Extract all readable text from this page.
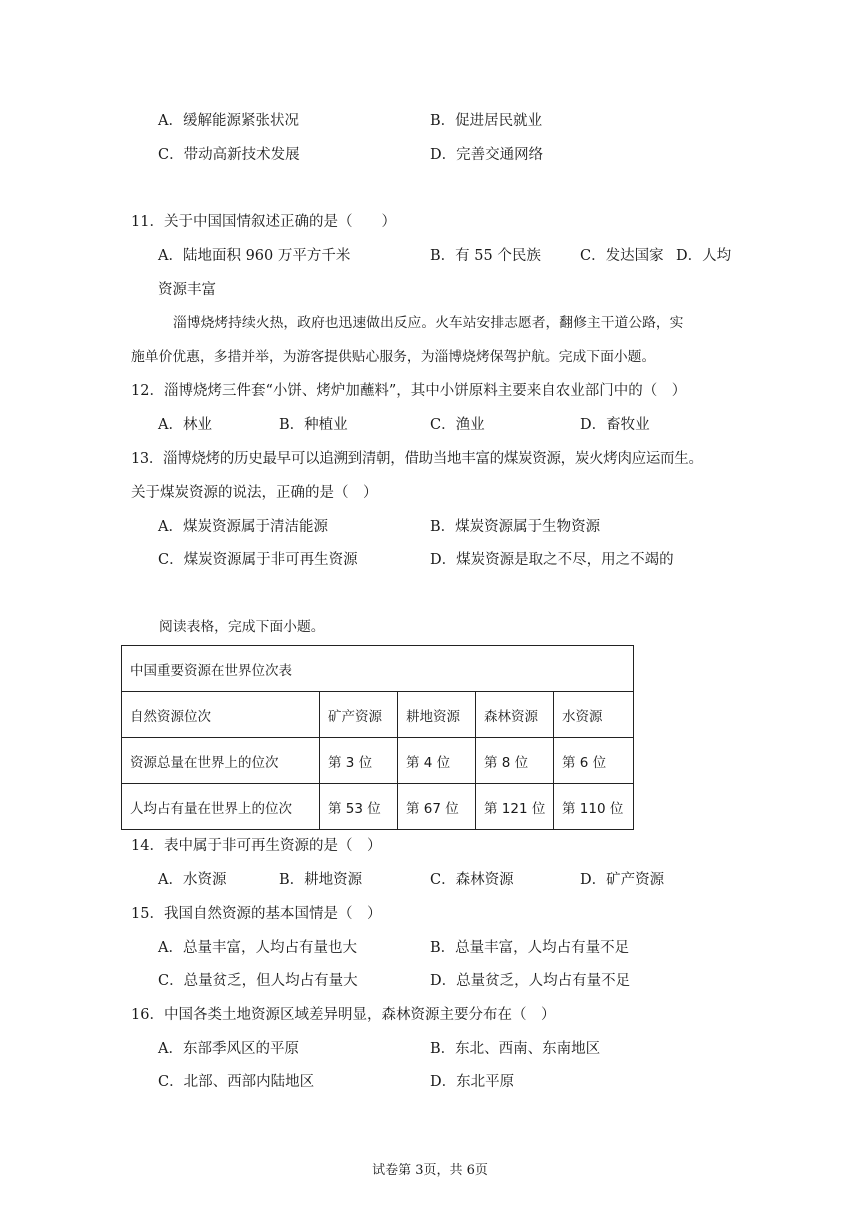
A．缓解能源紧张状况	B．促进居民就业
C．带动高新技术发展	D．完善交通网络
11．关于中国国情叙述正确的是（　　）
A．陆地面积 960 万平方千米	B．有 55 个民族	C．发达国家 D．人均
资源丰富
淄博烧烤持续火热，政府也迅速做出反应。火车站安排志愿者，翻修主干道公路，实
施单价优惠，多措并举，为游客提供贴心服务，为淄博烧烤保驾护航。完成下面小题。
12．淄博烧烤三件套“小饼、烤炉加蘸料”，其中小饼原料主要来自农业部门中的（　）
A．林业	B．种植业	C．渔业	D．畜牧业
13．淄博烧烤的历史最早可以追溯到清朝，借助当地丰富的煤炭资源，炭火烤肉应运而生。
关于煤炭资源的说法，正确的是（　）
A．煤炭资源属于清洁能源	B．煤炭资源属于生物资源
C．煤炭资源属于非可再生资源	D．煤炭资源是取之不尽，用之不竭的
阅读表格，完成下面小题。
中国重要资源在世界位次表				
自然资源位次	矿产资源	耕地资源	森林资源	水资源
资源总量在世界上的位次	第 3 位	第 4 位	第 8 位	第 6 位
人均占有量在世界上的位次	第 53 位	第 67 位	第 121 位	第 110 位
14．表中属于非可再生资源的是（　）
A．水资源	B．耕地资源	C．森林资源	D．矿产资源
15．我国自然资源的基本国情是（　）
A．总量丰富，人均占有量也大	B．总量丰富，人均占有量不足
C．总量贫乏，但人均占有量大	D．总量贫乏，人均占有量不足
16．中国各类土地资源区域差异明显，森林资源主要分布在（　）
A．东部季风区的平原	B．东北、西南、东南地区
C．北部、西部内陆地区	D．东北平原
试卷第 3页，共 6页
